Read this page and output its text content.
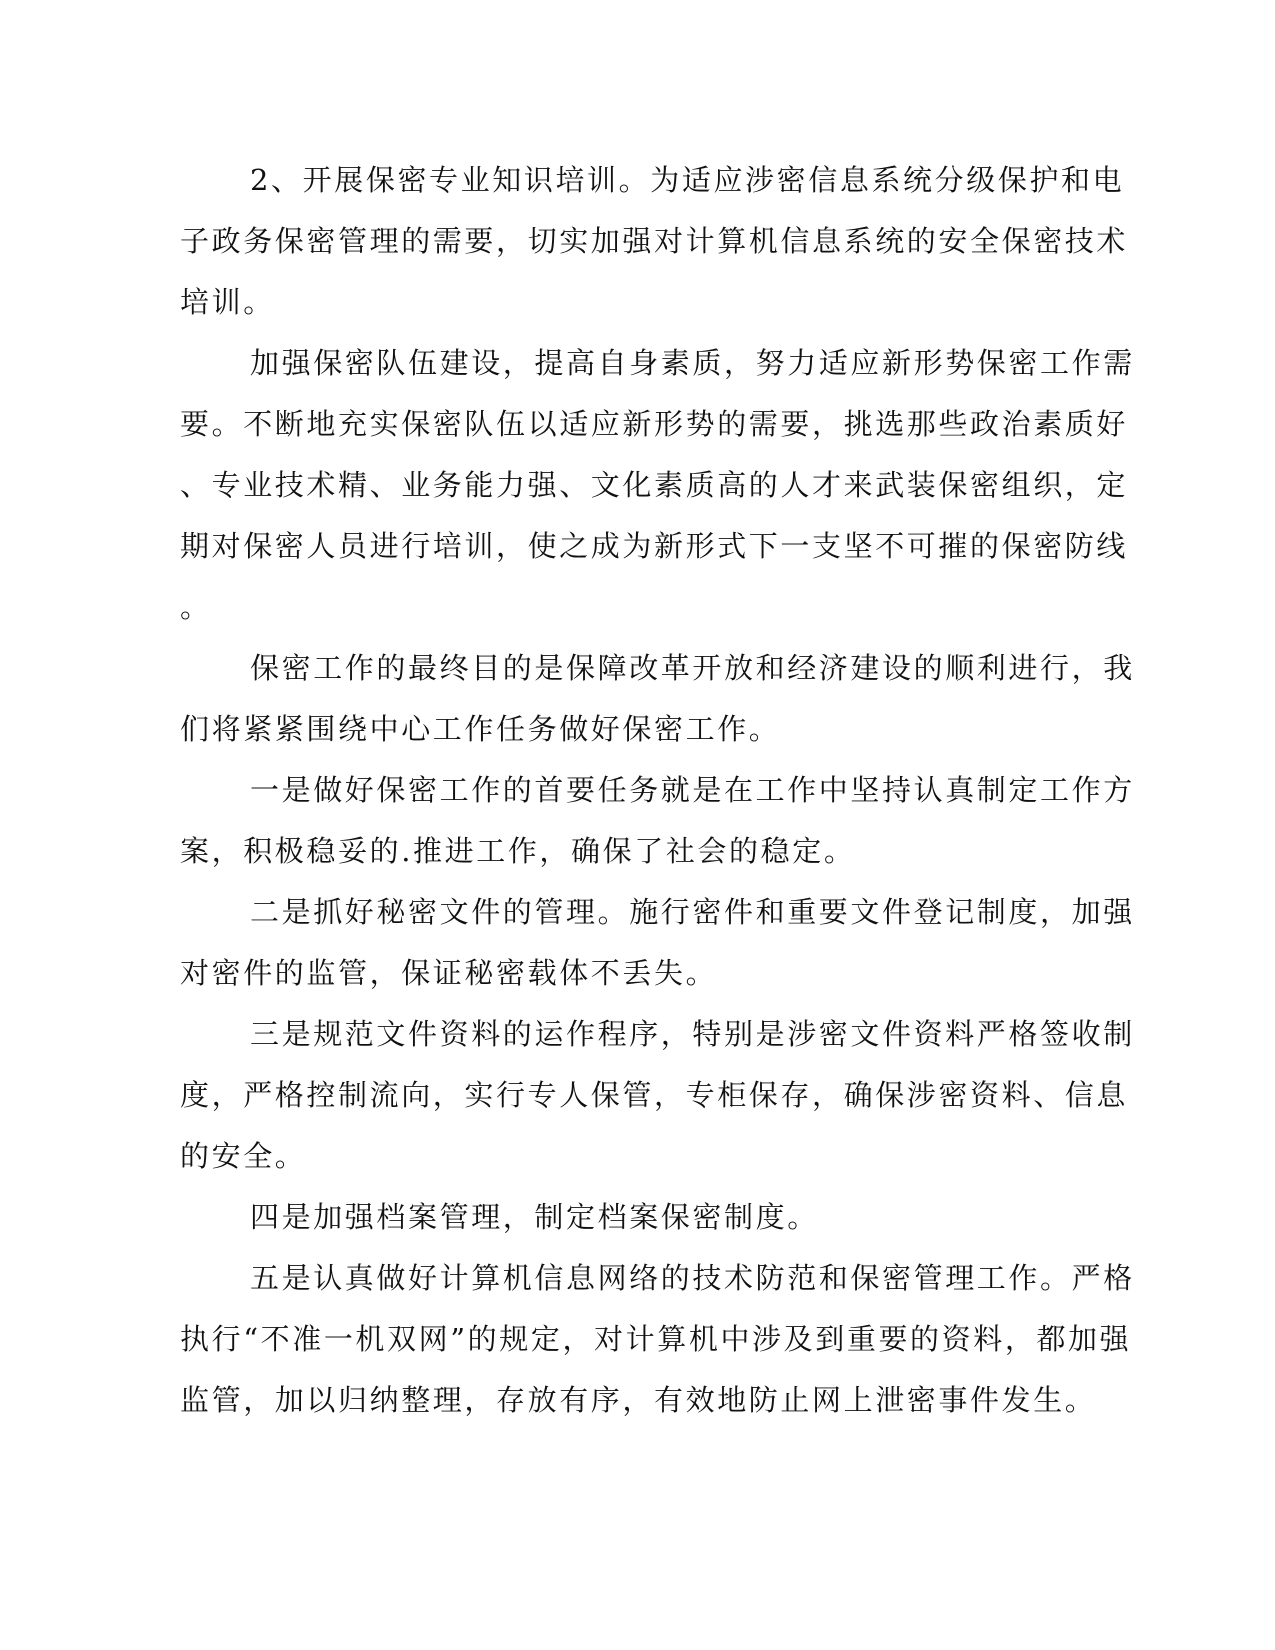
2、开展保密专业知识培训。为适应涉密信息系统分级保护和电
子政务保密管理的需要，切实加强对计算机信息系统的安全保密技术
培训。
加强保密队伍建设，提高自身素质，努力适应新形势保密工作需
要。不断地充实保密队伍以适应新形势的需要，挑选那些政治素质好
、专业技术精、业务能力强、文化素质高的人才来武装保密组织，定
期对保密人员进行培训，使之成为新形式下一支坚不可摧的保密防线
。
保密工作的最终目的是保障改革开放和经济建设的顺利进行，我
们将紧紧围绕中心工作任务做好保密工作。
一是做好保密工作的首要任务就是在工作中坚持认真制定工作方
案，积极稳妥的.推进工作，确保了社会的稳定。
二是抓好秘密文件的管理。施行密件和重要文件登记制度，加强
对密件的监管，保证秘密载体不丢失。
三是规范文件资料的运作程序，特别是涉密文件资料严格签收制
度，严格控制流向，实行专人保管，专柜保存，确保涉密资料、信息
的安全。
四是加强档案管理，制定档案保密制度。
五是认真做好计算机信息网络的技术防范和保密管理工作。严格
执行“不准一机双网”的规定，对计算机中涉及到重要的资料，都加强
监管，加以归纳整理，存放有序，有效地防止网上泄密事件发生。
